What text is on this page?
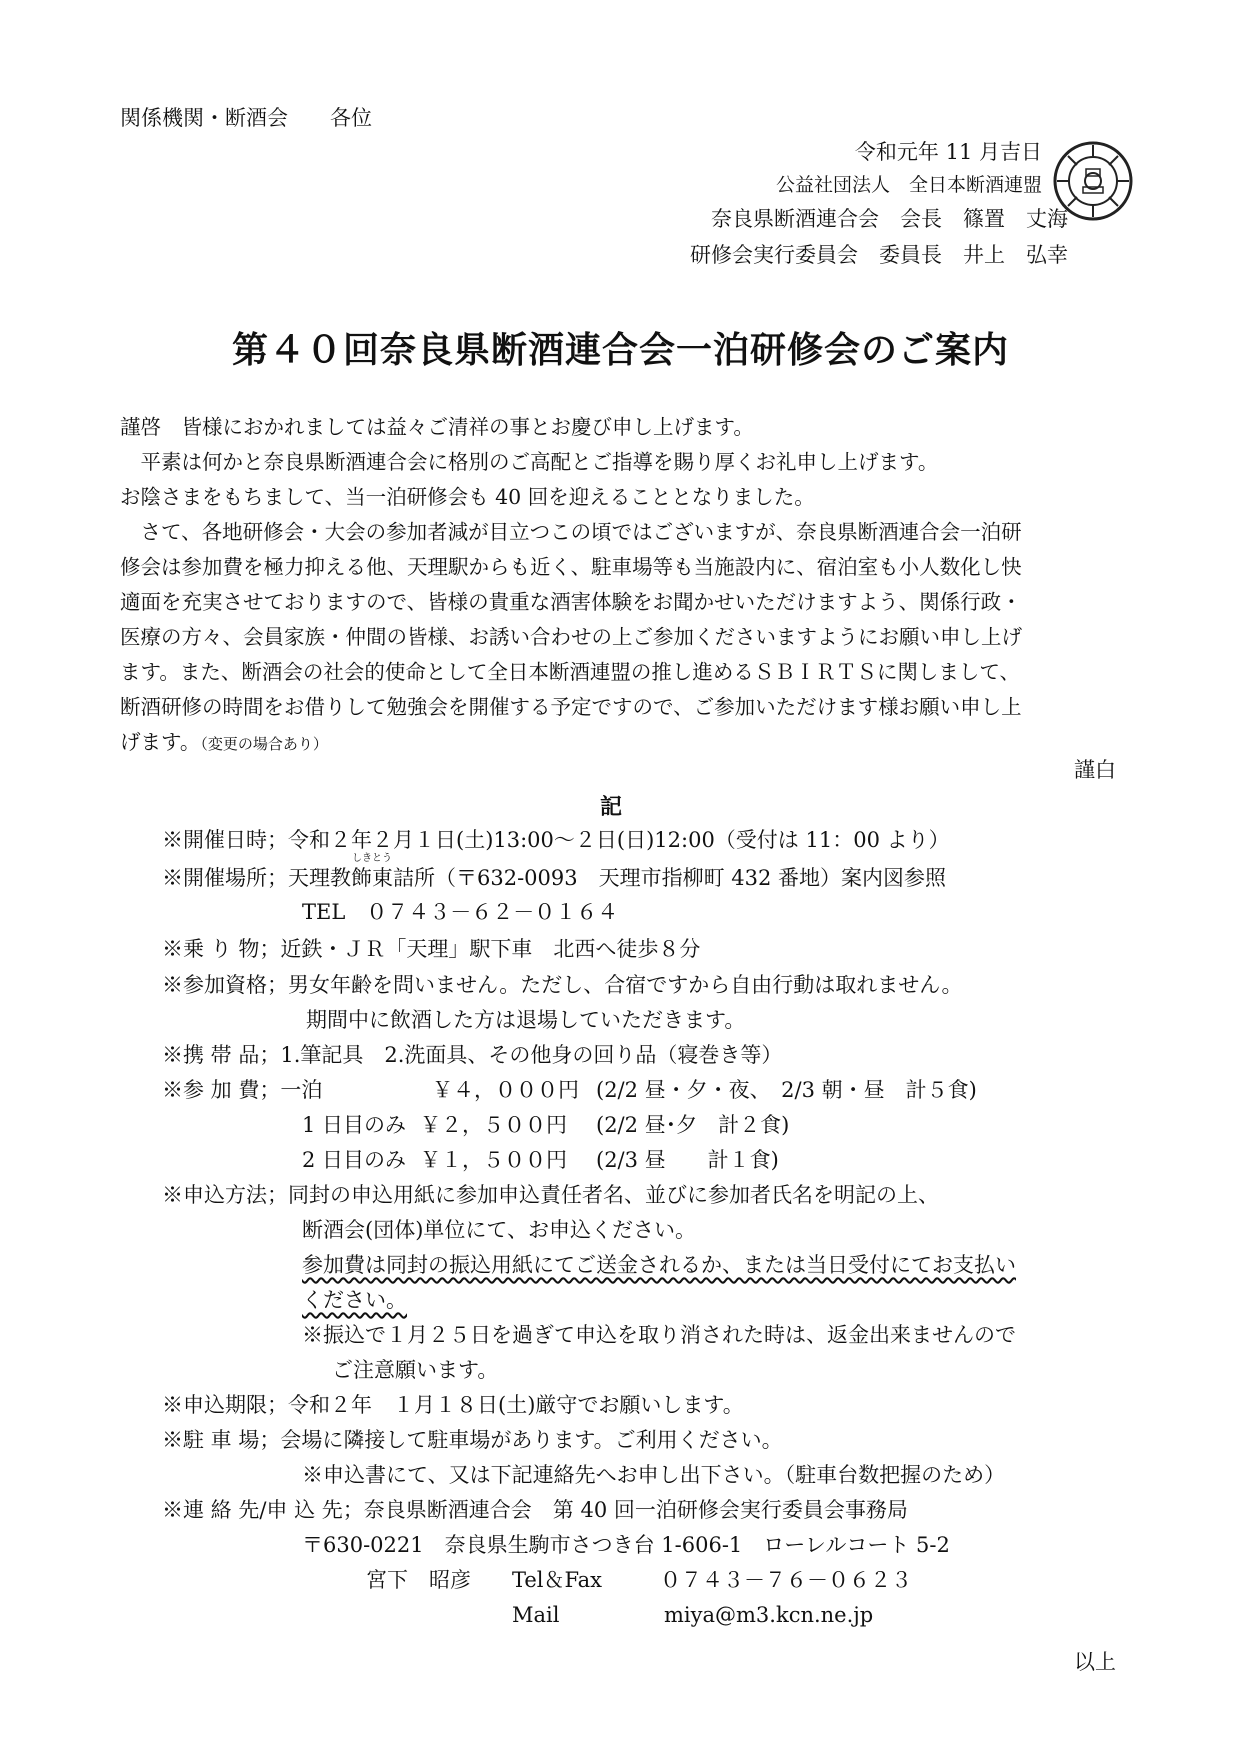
関係機関・断酒会　　各位
令和元年 11 月吉日
公益社団法人　全日本断酒連盟
奈良県断酒連合会　会長　篠置　丈海
研修会実行委員会　委員長　井上　弘幸
第４０回奈良県断酒連合会一泊研修会のご案内

謹啓　皆様におかれましては益々ご清祥の事とお慶び申し上げます。

　平素は何かと奈良県断酒連合会に格別のご高配とご指導を賜り厚くお礼申し上げます。

お陰さまをもちまして、当一泊研修会も 40 回を迎えることとなりました。

　さて、各地研修会・大会の参加者減が目立つこの頃ではございますが、奈良県断酒連合会一泊研

修会は参加費を極力抑える他、天理駅からも近く、駐車場等も当施設内に、宿泊室も小人数化し快

適面を充実させておりますので、皆様の貴重な酒害体験をお聞かせいただけますよう、関係行政・

医療の方々、会員家族・仲間の皆様、お誘い合わせの上ご参加くださいますようにお願い申し上げ

ます。また、断酒会の社会的使命として全日本断酒連盟の推し進めるＳＢＩＲＴＳに関しまして、

断酒研修の時間をお借りして勉強会を開催する予定ですので、ご参加いただけます様お願い申し上

げます。（変更の場合あり）

謹白
記
※開催日時；令和２年２月１日(土)13:00～２日(日)12:00（受付は 11：00 より）
※開催場所；天理教
しきとう
飾東詰所（〒632-0093　天理市指柳町 432 番地）案内図参照
TEL　０７４３－６２－０１６４
※乗 り 物；近鉄・ＪＲ「天理」駅下車　北西へ徒歩８分
※参加資格；男女年齢を問いません。ただし、合宿ですから自由行動は取れません。
期間中に飲酒した方は退場していただきます。
※携 帯 品；1.筆記具　2.洗面具、その他身の回り品（寝巻き等）
※参 加 費；一泊	￥４，０００円 (2/2 昼・夕・夜、　2/3 朝・昼　計５食)
1 日目のみ ￥２，５００円 (2/2 昼･夕　計２食)
2 日目のみ ￥１，５００円 (2/3 昼　　計１食)
※申込方法；同封の申込用紙に参加申込責任者名、並びに参加者氏名を明記の上、
断酒会(団体)単位にて、お申込ください。
参加費は同封の振込用紙にてご送金されるか、または当日受付にてお支払い
ください。
※振込で１月２５日を過ぎて申込を取り消された時は、返金出来ませんので
ご注意願います。
※申込期限；令和２年　１月１８日(土)厳守でお願いします。
※駐 車 場；会場に隣接して駐車場があります。ご利用ください。
※申込書にて、又は下記連絡先へお申し出下さい。（駐車台数把握のため）
※連 絡 先/申 込 先；奈良県断酒連合会　第 40 回一泊研修会実行委員会事務局
〒630-0221　奈良県生駒市さつき台 1-606-1　ローレルコート 5-2
宮下　昭彦 Tel＆Fax	０７４３－７６－０６２３
Mail	miya@m3.kcn.ne.jp
以上
